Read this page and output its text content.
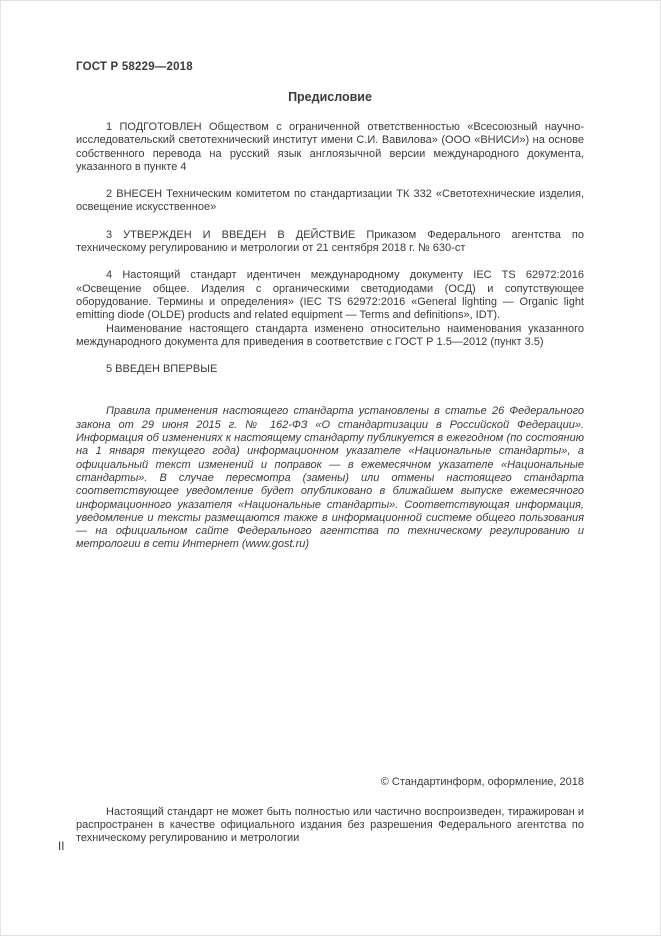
ГОСТ Р 58229—2018
Предисловие

1 ПОДГОТОВЛЕН Обществом с ограниченной ответственностью «Всесоюзный научно-исследовательский светотехнический институт имени С.И. Вавилова» (ООО «ВНИСИ») на основе собственного перевода на русский язык англоязычной версии международного документа, указанного в пункте 4

2 ВНЕСЕН Техническим комитетом по стандартизации ТК 332 «Светотехнические изделия, освещение искусственное»

3 УТВЕРЖДЕН И ВВЕДЕН В ДЕЙСТВИЕ Приказом Федерального агентства по техническому регулированию и метрологии от 21 сентября 2018 г. № 630-ст

4 Настоящий стандарт идентичен международному документу IEC TS 62972:2016 «Освещение общее. Изделия с органическими светодиодами (ОСД) и сопутствующее оборудование. Термины и определения» (IEC TS 62972:2016 «General lighting — Organic light emitting diode (OLDE) products and related equipment — Terms and definitions», IDT).

Наименование настоящего стандарта изменено относительно наименования указанного международного документа для приведения в соответствие с ГОСТ Р 1.5—2012 (пункт 3.5)

5 ВВЕДЕН ВПЕРВЫЕ

Правила применения настоящего стандарта установлены в статье 26 Федерального закона от 29 июня 2015 г. № 162-ФЗ «О стандартизации в Российской Федерации». Информация об изменениях к настоящему стандарту публикуется в ежегодном (по состоянию на 1 января текущего года) информационном указателе «Национальные стандарты», а официальный текст изменений и поправок — в ежемесячном указателе «Национальные стандарты». В случае пересмотра (замены) или отмены настоящего стандарта соответствующее уведомление будет опубликовано в ближайшем выпуске ежемесячного информационного указателя «Национальные стандарты». Соответствующая информация, уведомление и тексты размещаются также в информационной системе общего пользования — на официальном сайте Федерального агентства по техническому регулированию и метрологии в сети Интернет (www.gost.ru)

© Стандартинформ, оформление, 2018

Настоящий стандарт не может быть полностью или частично воспроизведен, тиражирован и распространен в качестве официального издания без разрешения Федерального агентства по техническому регулированию и метрологии

II
